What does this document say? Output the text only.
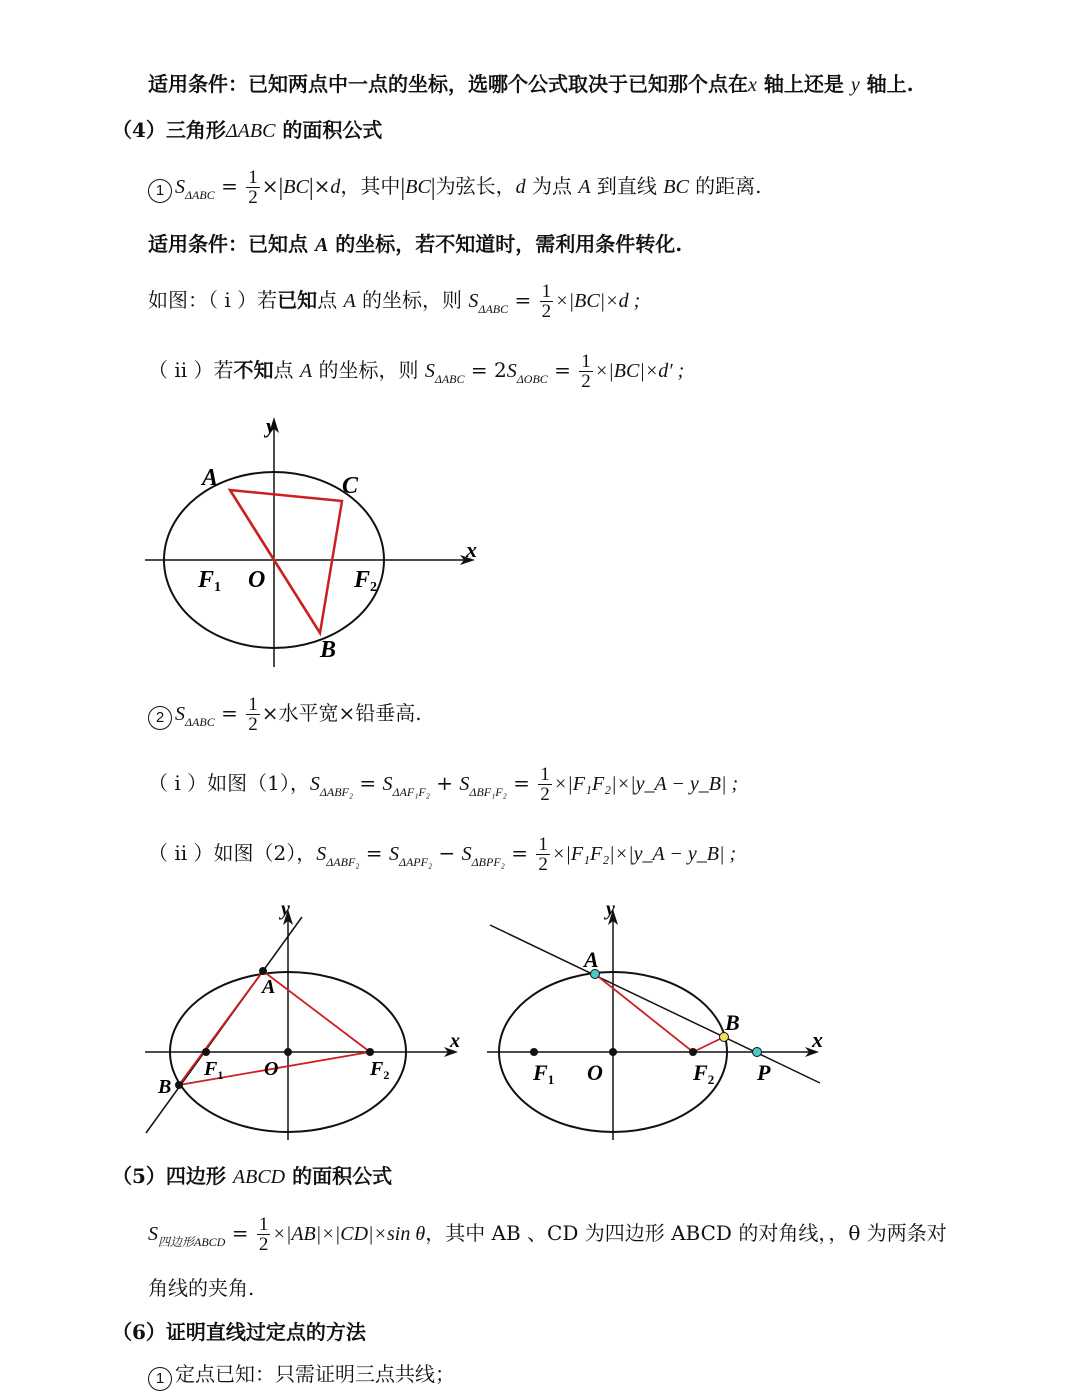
适用条件：已知两点中一点的坐标，选哪个公式取决于已知那个点在x 轴上还是 y 轴上.
（4）三角形ΔABC 的面积公式
1 $S_{\Delta ABC} = \frac{1}{2} \times|BC|\times d$，其中|BC|为弦长，d 为点 A 到直线 BC 的距离.
适用条件：已知点 A 的坐标，若不知道时，需利用条件转化.
如图：（ i ）若已知点 A 的坐标，则 $S_{\Delta ABC} = \frac{1}{2} \times|BC|\times d$ ;
（ ii ）若不知点 A 的坐标，则 $S_{\Delta ABC} = 2S_{\Delta OBC} = \frac{1}{2} \times|BC|\times d'$ ;
y
x
A	C
B
F1 O	F2
2 $S_{\Delta ABC} = \frac{1}{2}$ ×水平宽×铅垂高.
（ i ）如图（1），$S_{\Delta ABF_2} = S_{\Delta AF_1F_2} + S_{\Delta BF_1F_2} = \frac{1}{2}$ ×|F₁F₂|×|y_A − y_B| ;
（ ii ）如图（2），$S_{\Delta ABF_2} = S_{\Delta APF_2} - S_{\Delta BPF_2} = \frac{1}{2}$ ×|F₁F₂|×|y_A − y_B| ;
y
x
A
B
$F_1$ O	$F_2$
y
x
A
B
F1 O	F2 P
（5）四边形 ABCD 的面积公式
$S_{四边形ABCD} = \frac{1}{2} \times|AB|\times|CD|\times\sin$ θ，其中 AB 、CD 为四边形 ABCD 的对角线，，θ 为两条对
角线的夹角.
（6）证明直线过定点的方法
1 定点已知：只需证明三点共线；
